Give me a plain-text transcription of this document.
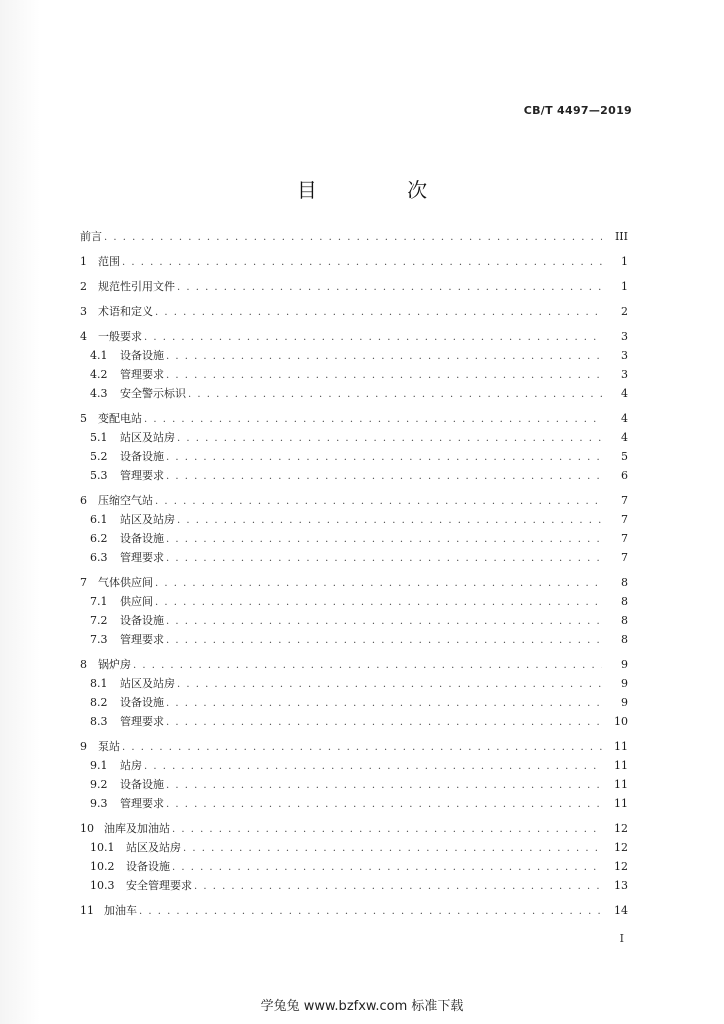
CB/T 4497—2019
目 次
前言 . . .	III
1	范围 . . .	1
2	规范性引用文件 . . .	1
3	术语和定义 . . .	2
4	一般要求 . . .	3
4.1	设备设施 . . .	3
4.2	管理要求 . . .	3
4.3	安全警示标识 . . .	4
5	变配电站 . . .	4
5.1	站区及站房 . . .	4
5.2	设备设施 . . .	5
5.3	管理要求 . . .	6
6	压缩空气站 . . .	7
6.1	站区及站房 . . .	7
6.2	设备设施 . . .	7
6.3	管理要求 . . .	7
7	气体供应间 . . .	8
7.1	供应间 . . .	8
7.2	设备设施 . . .	8
7.3	管理要求 . . .	8
8	锅炉房 . . .	9
8.1	站区及站房 . . .	9
8.2	设备设施 . . .	9
8.3	管理要求 . . .	10
9	泵站 . . .	11
9.1	站房 . . .	11
9.2	设备设施 . . .	11
9.3	管理要求 . . .	11
10 油库及加油站 . . .	12
10.1	站区及站房 . . .	12
10.2	设备设施 . . .	12
10.3	安全管理要求 . . .	13
11 加油车 . . .	14
I
学兔兔 www.bzfxw.com 标准下载
